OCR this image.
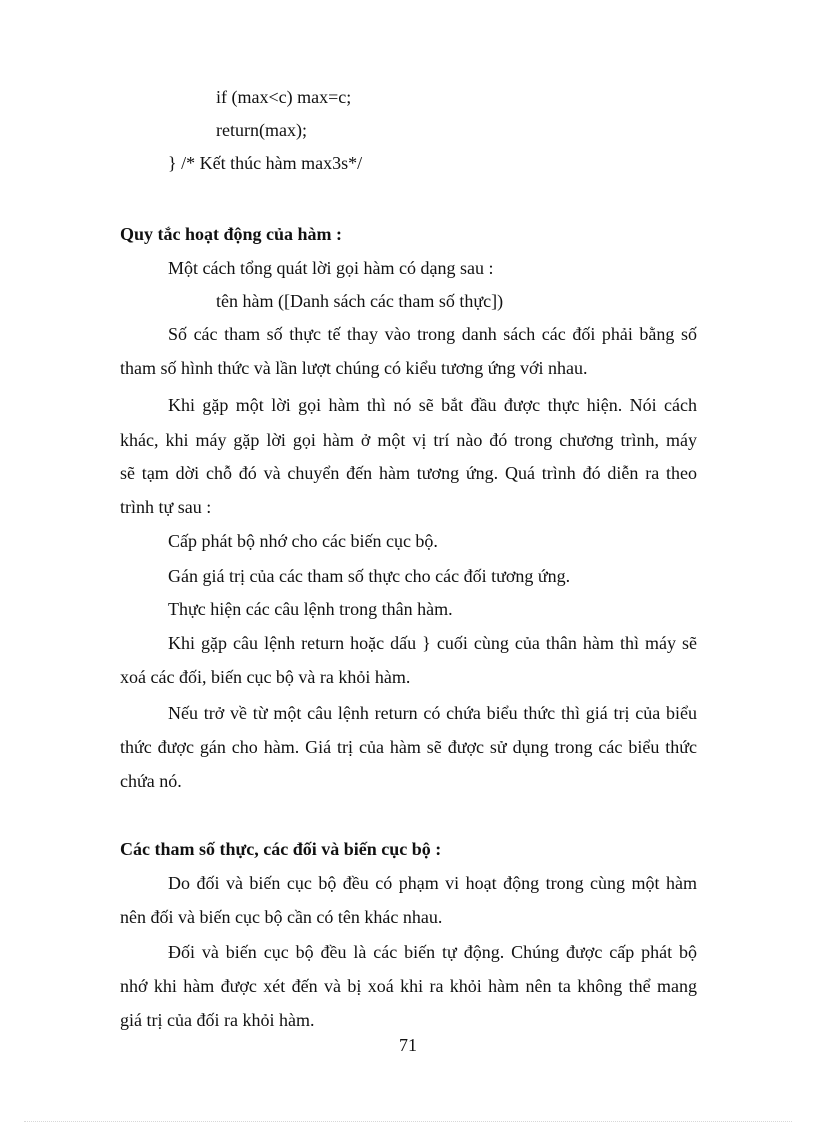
if (max<c) max=c;
return(max);
} /* Kết thúc hàm max3s*/
Quy tắc hoạt động của hàm :
Một cách tổng quát lời gọi hàm có dạng sau :
tên hàm ([Danh sách các tham số thực])
Số các tham số thực tế thay vào trong danh sách các đối phải bằng số
tham số hình thức và lần lượt chúng có kiểu tương ứng với nhau.
Khi gặp một lời gọi hàm thì nó sẽ bắt đầu được thực hiện. Nói cách
khác, khi máy gặp lời gọi hàm ở một vị trí nào đó trong chương trình, máy
sẽ tạm dời chỗ đó và chuyển đến hàm tương ứng. Quá trình đó diễn ra theo
trình tự sau :
Cấp phát bộ nhớ cho các biến cục bộ.
Gán giá trị của các tham số thực cho các đối tương ứng.
Thực hiện các câu lệnh trong thân hàm.
Khi gặp câu lệnh return hoặc dấu } cuối cùng của thân hàm thì máy sẽ
xoá các đối, biến cục bộ và ra khỏi hàm.
Nếu trở về từ một câu lệnh return có chứa biểu thức thì giá trị của biểu
thức được gán cho hàm. Giá trị của hàm sẽ được sử dụng trong các biểu thức
chứa nó.
Các tham số thực, các đối và biến cục bộ :
Do đối và biến cục bộ đều có phạm vi hoạt động trong cùng một hàm
nên đối và biến cục bộ cần có tên khác nhau.
Đối và biến cục bộ đều là các biến tự động. Chúng được cấp phát bộ
nhớ khi hàm được xét đến và bị xoá khi ra khỏi hàm nên ta không thể mang
giá trị của đối ra khỏi hàm.
71
